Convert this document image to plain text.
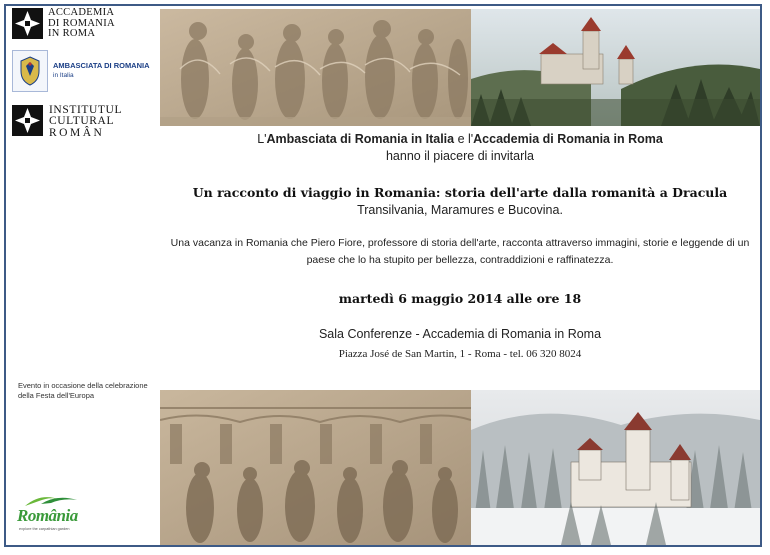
ACCADEMIA
DI ROMANIA
IN ROMA
AMBASCIATA DI ROMANIA
in Italia
INSTITUTUL
CULTURAL
ROMÂN	L'Ambasciata di Romania in Italia e l'Accademia di Romania in Roma
hanno il piacere di invitarla
Un racconto di viaggio in Romania: storia dell'arte dalla romanità a Dracula
Transilvania, Maramures e Bucovina.
Una vacanza in Romania che Piero Fiore, professore di storia dell'arte, racconta attraverso immagini, storie e leggende di un paese che lo ha stupito per bellezza, contraddizioni e raffinatezza.
martedì 6 maggio 2014 alle ore 18
Sala Conferenze - Accademia di Romania in Roma
Piazza José de San Martin, 1 - Roma - tel. 06 320 8024
Evento in occasione della celebrazione della Festa dell'Europa
România
explore the carpathian garden
